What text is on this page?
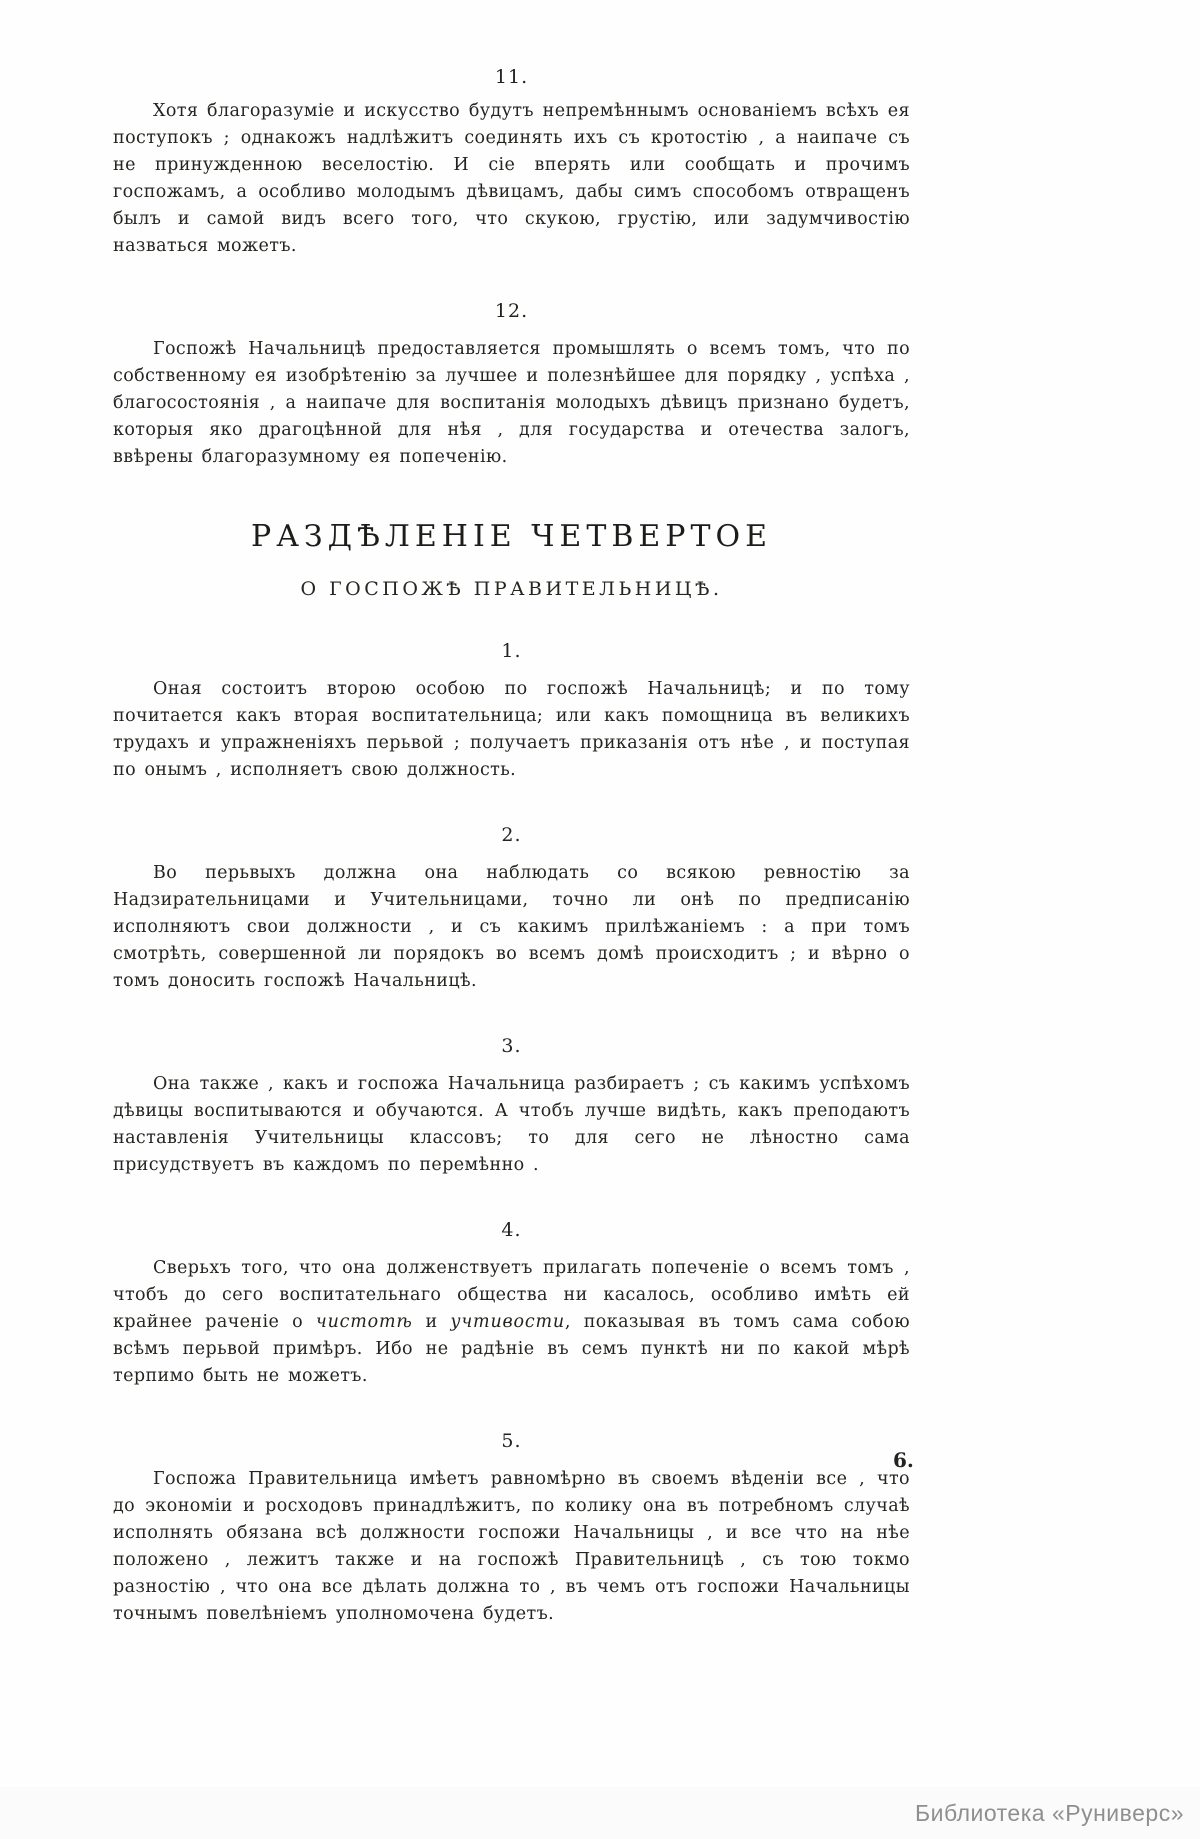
11.

Хотя благоразуміе и искусство будутъ непремѣннымъ основаніемъ всѣхъ ея поступокъ ; однакожъ надлѣжитъ соединять ихъ съ кротостію , а наипаче съ не принужденною веселостію. И сіе вперять или сообщать и прочимъ госпожамъ, а особливо молодымъ дѣвицамъ, дабы симъ способомъ отвращенъ былъ и самой видъ всего того, что скукою, грустію, или задумчивостію назваться можетъ.

12.

Госпожѣ Начальницѣ предоставляется промышлять о всемъ томъ, что по собственному ея изобрѣтенію за лучшее и полезнѣйшее для порядку , успѣха , благосостоянія , а наипаче для воспитанія молодыхъ дѣвицъ признано будетъ, которыя яко драгоцѣнной для нѣя , для государства и отечества залогъ, ввѣрены благоразумному ея попеченію.

РАЗДѢЛЕНІЕ ЧЕТВЕРТОЕ
О ГОСПОЖѢ ПРАВИТЕЛЬНИЦѢ.
1.

Оная состоитъ второю особою по госпожѣ Начальницѣ; и по тому почитается какъ вторая воспитательница; или какъ помощница въ великихъ трудахъ и упражненіяхъ перьвой ; получаетъ приказанія отъ нѣе , и поступая по онымъ , исполняетъ свою должность.

2.

Во перьвыхъ должна она наблюдать со всякою ревностію за Надзирательницами и Учительницами, точно ли онѣ по предписанію исполняютъ свои должности , и съ какимъ прилѣжаніемъ : а при томъ смотрѣть, совершенной ли порядокъ во всемъ домѣ происходитъ ; и вѣрно о томъ доносить госпожѣ Начальницѣ.

3.

Она также , какъ и госпожа Начальница разбираетъ ; съ какимъ успѣхомъ дѣвицы воспитываются и обучаются. А чтобъ лучше видѣть, какъ преподаютъ наставленія Учительницы классовъ; то для сего не лѣностно сама присудствуетъ въ каждомъ по перемѣнно .

4.

Сверьхъ того, что она долженствуетъ прилагать попеченіе о всемъ томъ , чтобъ до сего воспитательнаго общества ни касалось, особливо имѣть ей крайнее раченіе о чистотѣ и учтивости, показывая въ томъ сама собою всѣмъ перьвой примѣръ. Ибо не радѣніе въ семъ пунктѣ ни по какой мѣрѣ терпимо быть не можетъ.

5.

Госпожа Правительница имѣетъ равномѣрно въ своемъ вѣденіи все , что до экономіи и росходовъ принадлѣжитъ, по колику она въ потребномъ случаѣ исполнять обязана всѣ должности госпожи Начальницы , и все что на нѣе положено , лежитъ также и на госпожѣ Правительницѣ , съ тою токмо разностію , что она все дѣлать должна то , въ чемъ отъ госпожи Начальницы точнымъ повелѣніемъ уполномочена будетъ.

6.
Библиотека «Руниверс»
